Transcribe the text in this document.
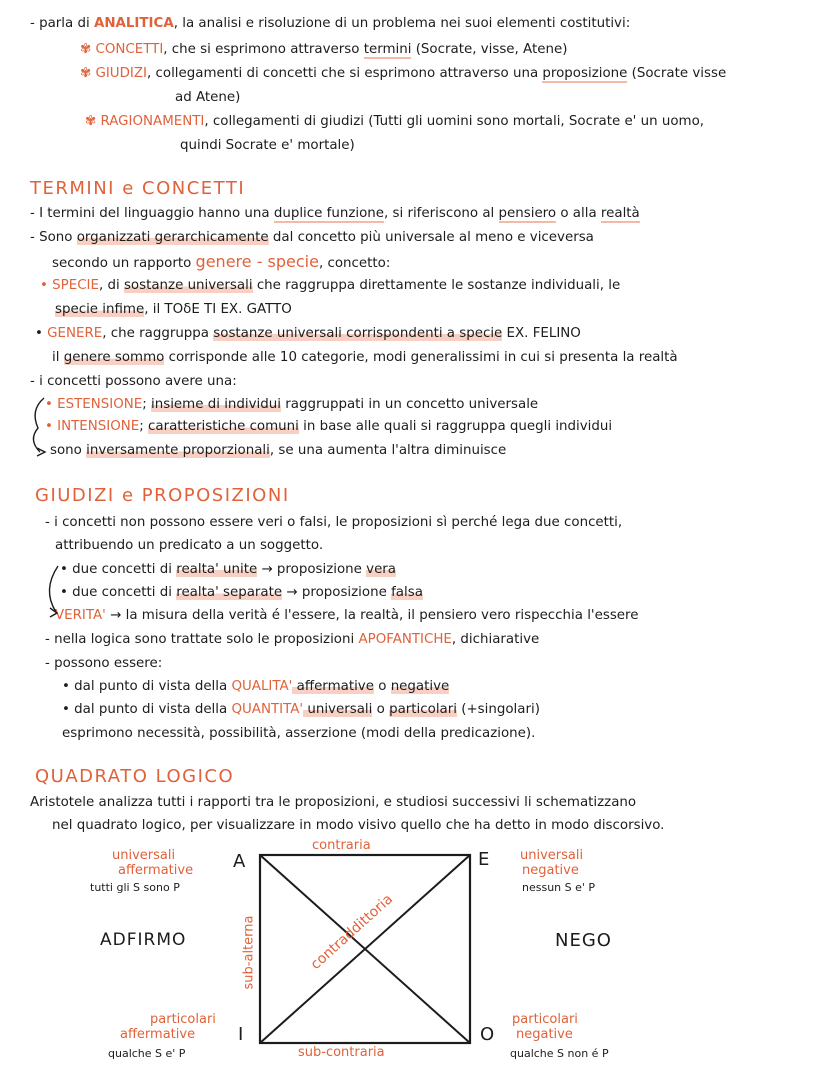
- parla di ANALITICA, la analisi e risoluzione di un problema nei suoi elementi costitutivi:
✾ CONCETTI, che si esprimono attraverso termini (Socrate, visse, Atene)
✾ GIUDIZI, collegamenti di concetti che si esprimono attraverso una proposizione (Socrate visse
ad Atene)
✾ RAGIONAMENTI, collegamenti di giudizi (Tutti gli uomini sono mortali, Socrate e' un uomo,
quindi Socrate e' mortale)
TERMINI e CONCETTI
- I termini del linguaggio hanno una duplice funzione, si riferiscono al pensiero o alla realtà
- Sono organizzati gerarchicamente dal concetto più universale al meno e viceversa
secondo un rapporto genere - specie, concetto:
• SPECIE, di sostanze universali che raggruppa direttamente le sostanze individuali, le
specie infime, il TOδE TI EX. GATTO
• GENERE, che raggruppa sostanze universali corrispondenti a specie EX. FELINO
il genere sommo corrisponde alle 10 categorie, modi generalissimi in cui si presenta la realtà
- i concetti possono avere una:
• ESTENSIONE; insieme di individui raggruppati in un concetto universale
• INTENSIONE; caratteristiche comuni in base alle quali si raggruppa quegli individui
sono inversamente proporzionali, se una aumenta l'altra diminuisce
GIUDIZI e PROPOSIZIONI
- i concetti non possono essere veri o falsi, le proposizioni sì perché lega due concetti,
attribuendo un predicato a un soggetto.
• due concetti di realta' unite → proposizione vera
• due concetti di realta' separate → proposizione falsa
VERITA' → la misura della verità é l'essere, la realtà, il pensiero vero rispecchia l'essere
- nella logica sono trattate solo le proposizioni APOFANTICHE, dichiarative
- possono essere:
• dal punto di vista della QUALITA' affermative o negative
• dal punto di vista della QUANTITA' universali o particolari (+singolari)
esprimono necessità, possibilità, asserzione (modi della predicazione).
QUADRATO LOGICO
Aristotele analizza tutti i rapporti tra le proposizioni, e studiosi successivi li schematizzano
nel quadrato logico, per visualizzare in modo visivo quello che ha detto in modo discorsivo.
contraria
sub-contraria
sub-alterna	contraddittoria
universali
affermative
tutti gli S sono P
A	E universali
negative
nessun S e' P
ADFIRMO	NEGO
particolari
affermative
qualche S e' P
I	O
particolari
negative
qualche S non é P
